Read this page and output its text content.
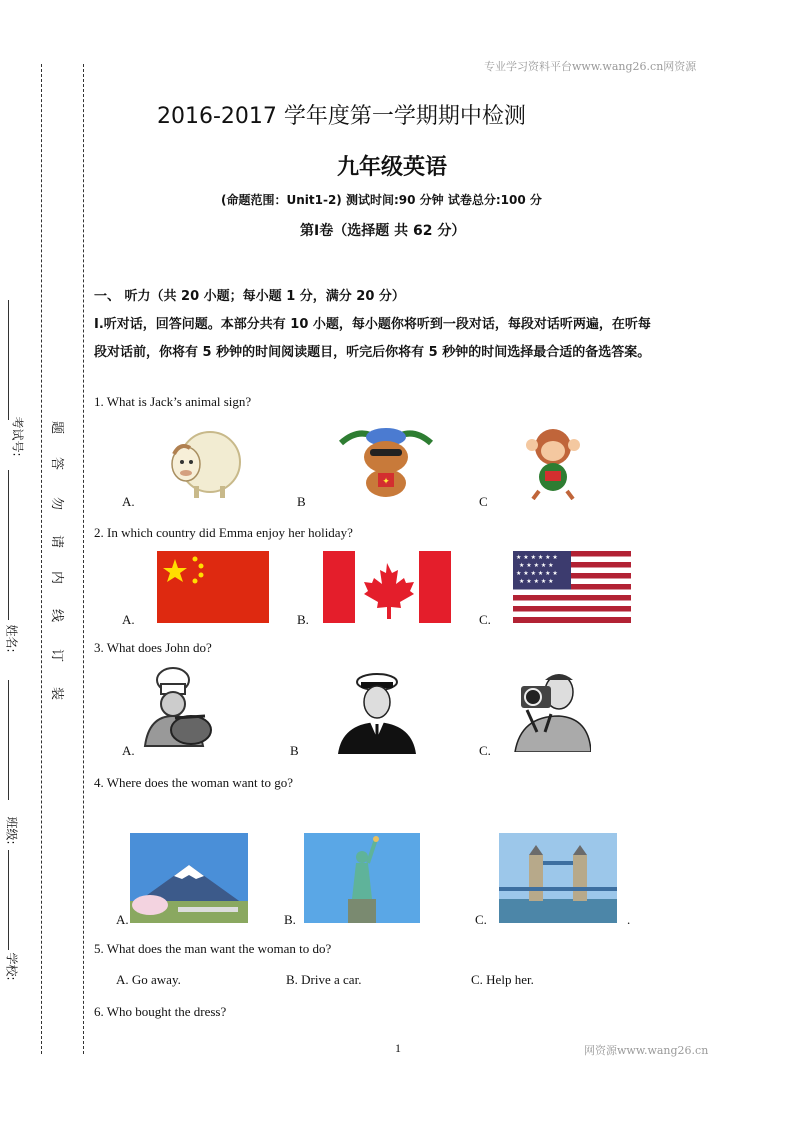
专业学习资料平台www.wang26.cn网资源
网资源www.wang26.cn
1
考试号:
姓名:
班级:
学校:
题
答
勿
请
内
线
订
装
2016-2017 学年度第一学期期中检测
九年级英语
(命题范围：Unit1-2) 测试时间:90 分钟 试卷总分:100 分
第Ⅰ卷（选择题 共 62 分）
一、 听力（共 20 小题；每小题 1 分，满分 20 分）
Ⅰ.听对话，回答问题。本部分共有 10 小题，每小题你将听到一段对话，每段对话听两遍，在听每
段对话前，你将有 5 秒钟的时间阅读题目，听完后你将有 5 秒钟的时间选择最合适的备选答案。
1. What is Jack’s animal sign?
A.	B	C
✦
2. In which country did Emma enjoy her holiday?
A.	B.	C.
★ ★ ★ ★ ★ ★
★ ★ ★ ★ ★
★ ★ ★ ★ ★ ★
★ ★ ★ ★ ★
3. What does John do?
A.	B	C.
4. Where does the woman want to go?
A.	B.	C.	.
5. What does the man want the woman to do?
A. Go away.	B. Drive a car.	C. Help her.
6. Who bought the dress?
